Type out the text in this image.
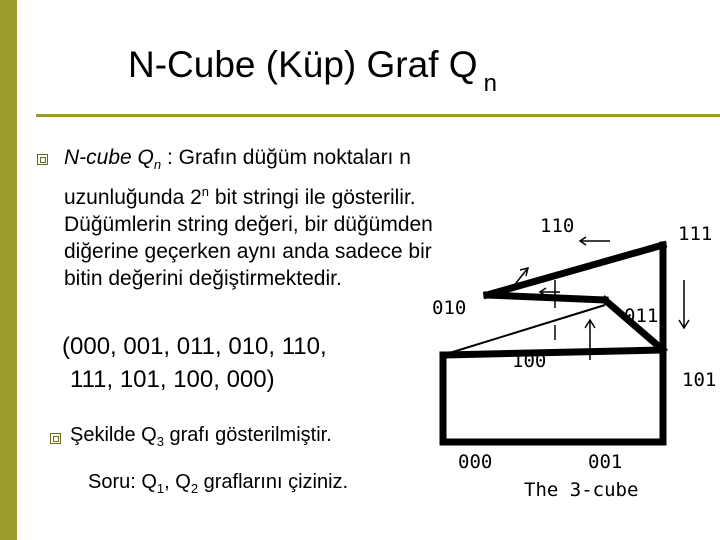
N-Cube (Küp) Graf Q $_n$
N-cube $Q_n$ : Grafın düğüm noktaları n uzunluğunda 2$^n$ bit stringi ile gösterilir. Düğümlerin string değeri, bir düğümden diğerine geçerken aynı anda sadece bir bitin değerini değiştirmektedir.
(000, 001, 011, 010, 110,
111, 101, 100, 000)
Şekilde $Q_3$ grafı gösterilmiştir.
Soru: $Q_1$, $Q_2$ graflarını çiziniz.
110	111
010	011
100
101
000	001
The 3-cube
